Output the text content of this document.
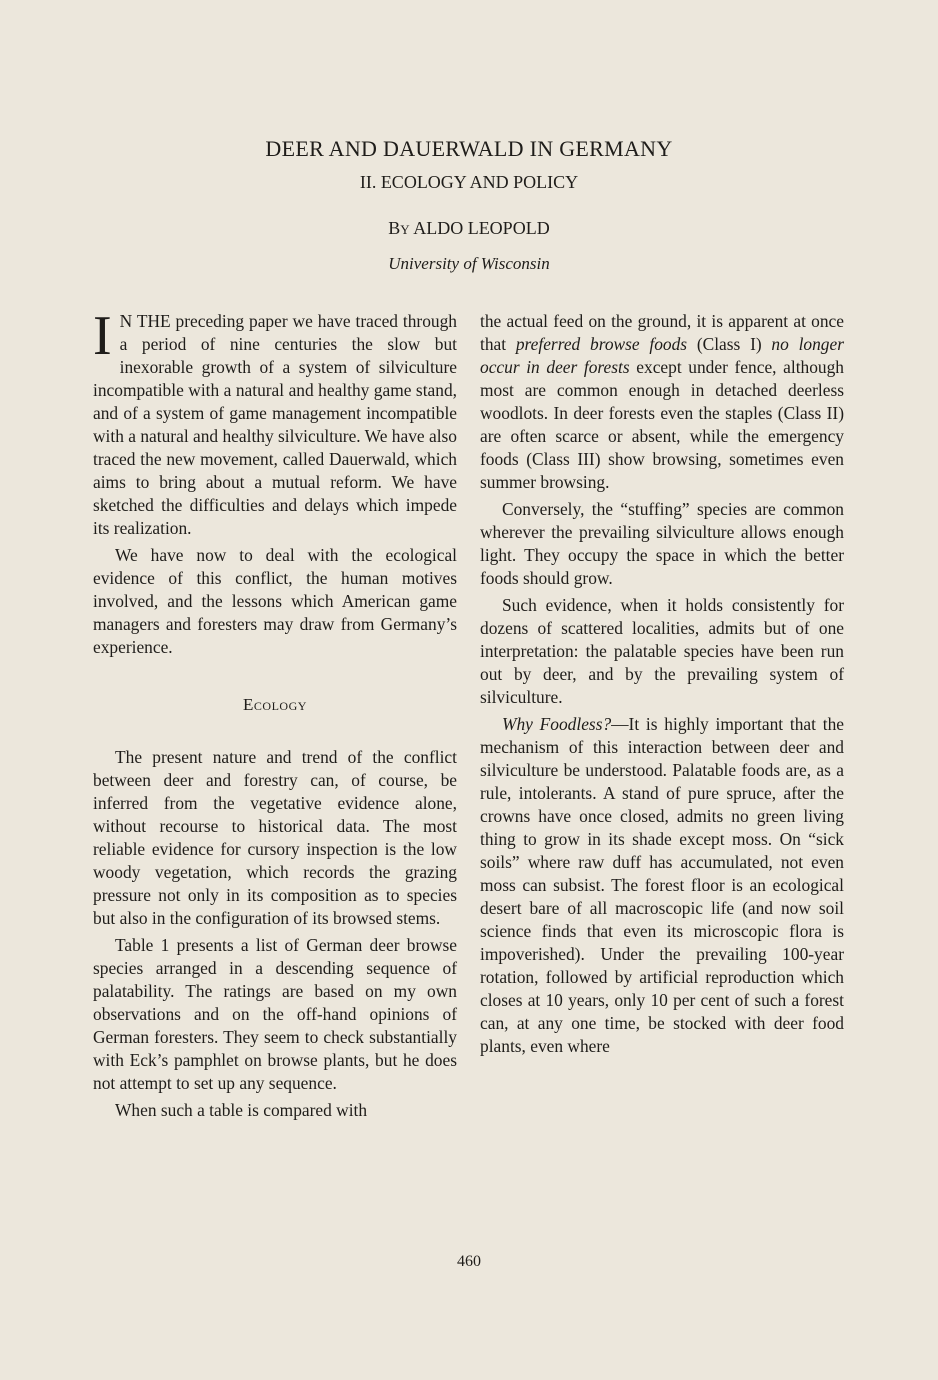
DEER AND DAUERWALD IN GERMANY
II. ECOLOGY AND POLICY
By ALDO LEOPOLD
University of Wisconsin

I N THE preceding paper we have traced through a period of nine centuries the slow but inexorable growth of a system of silviculture incompatible with a natural and healthy game stand, and of a system of game management incompatible with a natural and healthy silviculture. We have also traced the new movement, called Dauerwald, which aims to bring about a mutual reform. We have sketched the difficulties and delays which impede its realization.

We have now to deal with the ecological evidence of this conflict, the human motives involved, and the lessons which American game managers and foresters may draw from Germany’s experience.

Ecology

The present nature and trend of the conflict between deer and forestry can, of course, be inferred from the vegetative evidence alone, without recourse to historical data. The most reliable evidence for cursory inspection is the low woody vegetation, which records the grazing pressure not only in its composition as to species but also in the configuration of its browsed stems.

Table 1 presents a list of German deer browse species arranged in a descending sequence of palatability. The ratings are based on my own observations and on the off-hand opinions of German foresters. They seem to check substantially with Eck’s pamphlet on browse plants, but he does not attempt to set up any sequence.

When such a table is compared with

the actual feed on the ground, it is apparent at once that preferred browse foods (Class I) no longer occur in deer forests except under fence, although most are common enough in detached deerless woodlots. In deer forests even the staples (Class II) are often scarce or absent, while the emergency foods (Class III) show browsing, sometimes even summer browsing.

Conversely, the “stuffing” species are common wherever the prevailing silviculture allows enough light. They occupy the space in which the better foods should grow.

Such evidence, when it holds consistently for dozens of scattered localities, admits but of one interpretation: the palatable species have been run out by deer, and by the prevailing system of silviculture.

Why Foodless?—It is highly important that the mechanism of this interaction between deer and silviculture be understood. Palatable foods are, as a rule, intolerants. A stand of pure spruce, after the crowns have once closed, admits no green living thing to grow in its shade except moss. On “sick soils” where raw duff has accumulated, not even moss can subsist. The forest floor is an ecological desert bare of all macroscopic life (and now soil science finds that even its microscopic flora is impoverished). Under the prevailing 100-year rotation, followed by artificial reproduction which closes at 10 years, only 10 per cent of such a forest can, at any one time, be stocked with deer food plants, even where

460
